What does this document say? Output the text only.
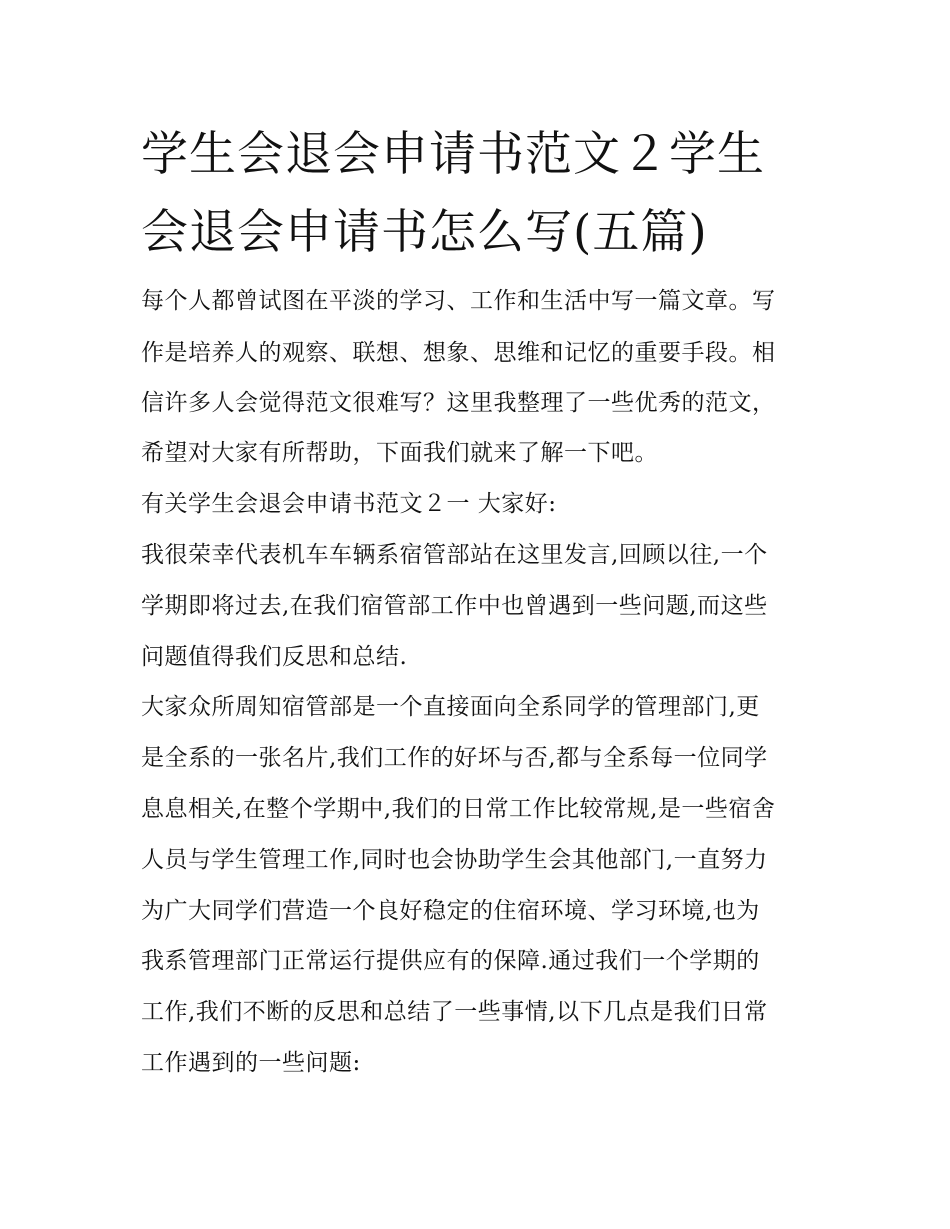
学生会退会申请书范文２学生
会退会申请书怎么写(五篇)

每个人都曾试图在平淡的学习、工作和生活中写一篇文章。写

作是培养人的观察、联想、想象、思维和记忆的重要手段。相

信许多人会觉得范文很难写？这里我整理了一些优秀的范文，

希望对大家有所帮助，下面我们就来了解一下吧。

有关学生会退会申请书范文２一 大家好:

我很荣幸代表机车车辆系宿管部站在这里发言,回顾以往,一个

学期即将过去,在我们宿管部工作中也曾遇到一些问题,而这些

问题值得我们反思和总结.

大家众所周知宿管部是一个直接面向全系同学的管理部门,更

是全系的一张名片,我们工作的好坏与否,都与全系每一位同学

息息相关,在整个学期中,我们的日常工作比较常规,是一些宿舍

人员与学生管理工作,同时也会协助学生会其他部门,一直努力

为广大同学们营造一个良好稳定的住宿环境、学习环境,也为

我系管理部门正常运行提供应有的保障.通过我们一个学期的

工作,我们不断的反思和总结了一些事情,以下几点是我们日常

工作遇到的一些问题:
